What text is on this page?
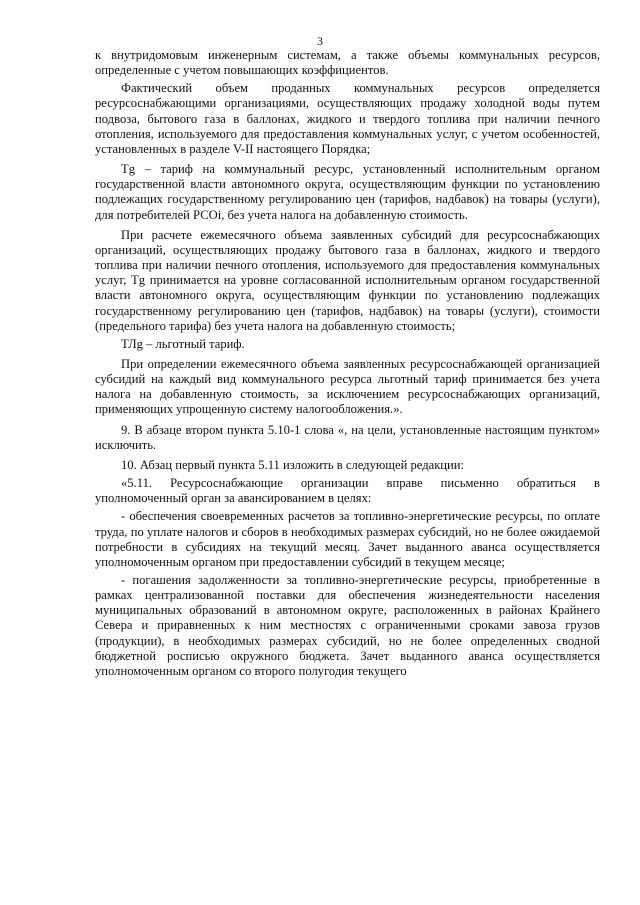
3

к внутридомовым инженерным системам, а также объемы коммунальных ресурсов, определенные с учетом повышающих коэффициентов.

Фактический объем проданных коммунальных ресурсов определяется ресурсоснабжающими организациями, осуществляющих продажу холодной воды путем подвоза, бытового газа в баллонах, жидкого и твердого топлива при наличии печного отопления, используемого для предоставления коммунальных услуг, с учетом особенностей, установленных в разделе V-II настоящего Порядка;

Тg – тариф на коммунальный ресурс, установленный исполнительным органом государственной власти автономного округа, осуществляющим функции по установлению подлежащих государственному регулированию цен (тарифов, надбавок) на товары (услуги), для потребителей РСОi, без учета налога на добавленную стоимость.

При расчете ежемесячного объема заявленных субсидий для ресурсоснабжающих организаций, осуществляющих продажу бытового газа в баллонах, жидкого и твердого топлива при наличии печного отопления, используемого для предоставления коммунальных услуг, Тg принимается на уровне согласованной исполнительным органом государственной власти автономного округа, осуществляющим функции по установлению подлежащих государственному регулированию цен (тарифов, надбавок) на товары (услуги), стоимости (предельного тарифа) без учета налога на добавленную стоимость;

ТЛg – льготный тариф.

При определении ежемесячного объема заявленных ресурсоснабжающей организацией субсидий на каждый вид коммунального ресурса льготный тариф принимается без учета налога на добавленную стоимость, за исключением ресурсоснабжающих организаций, применяющих упрощенную систему налогообложения.».

9. В абзаце втором пункта 5.10-1 слова «, на цели, установленные настоящим пунктом» исключить.

10. Абзац первый пункта 5.11 изложить в следующей редакции:

«5.11. Ресурсоснабжающие организации вправе письменно обратиться в уполномоченный орган за авансированием в целях:

- обеспечения своевременных расчетов за топливно-энергетические ресурсы, по оплате труда, по уплате налогов и сборов в необходимых размерах субсидий, но не более ожидаемой потребности в субсидиях на текущий месяц. Зачет выданного аванса осуществляется уполномоченным органом при предоставлении субсидий в текущем месяце;

- погашения задолженности за топливно-энергетические ресурсы, приобретенные в рамках централизованной поставки для обеспечения жизнедеятельности населения муниципальных образований в автономном округе, расположенных в районах Крайнего Севера и приравненных к ним местностях с ограниченными сроками завоза грузов (продукции), в необходимых размерах субсидий, но не более определенных сводной бюджетной росписью окружного бюджета. Зачет выданного аванса осуществляется уполномоченным органом со второго полугодия текущего
